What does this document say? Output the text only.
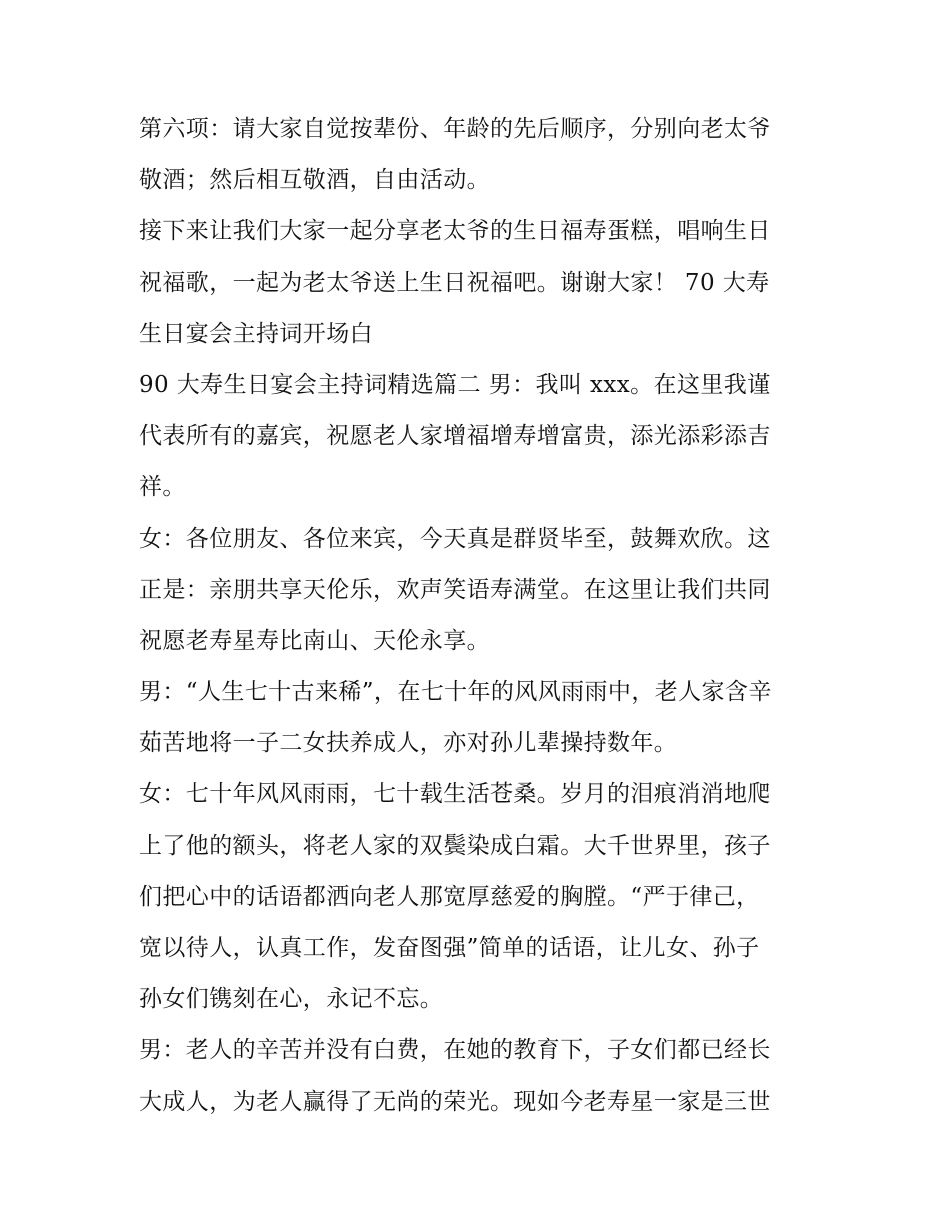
第六项：请大家自觉按辈份、年龄的先后顺序，分别向老太爷
敬酒；然后相互敬酒，自由活动。
接下来让我们大家一起分享老太爷的生日福寿蛋糕，唱响生日
祝福歌，一起为老太爷送上生日祝福吧。谢谢大家！ 70 大寿
生日宴会主持词开场白
90 大寿生日宴会主持词精选篇二 男：我叫 xxx。在这里我谨
代表所有的嘉宾，祝愿老人家增福增寿增富贵，添光添彩添吉
祥。
女：各位朋友、各位来宾，今天真是群贤毕至，鼓舞欢欣。这
正是：亲朋共享天伦乐，欢声笑语寿满堂。在这里让我们共同
祝愿老寿星寿比南山、天伦永享。
男：“人生七十古来稀”，在七十年的风风雨雨中，老人家含辛
茹苦地将一子二女扶养成人，亦对孙儿辈操持数年。
女：七十年风风雨雨，七十载生活苍桑。岁月的泪痕消消地爬
上了他的额头，将老人家的双鬓染成白霜。大千世界里，孩子
们把心中的话语都洒向老人那宽厚慈爱的胸膛。“严于律己，
宽以待人，认真工作，发奋图强”简单的话语，让儿女、孙子
孙女们镌刻在心，永记不忘。
男：老人的辛苦并没有白费，在她的教育下，子女们都已经长
大成人，为老人赢得了无尚的荣光。现如今老寿星一家是三世
